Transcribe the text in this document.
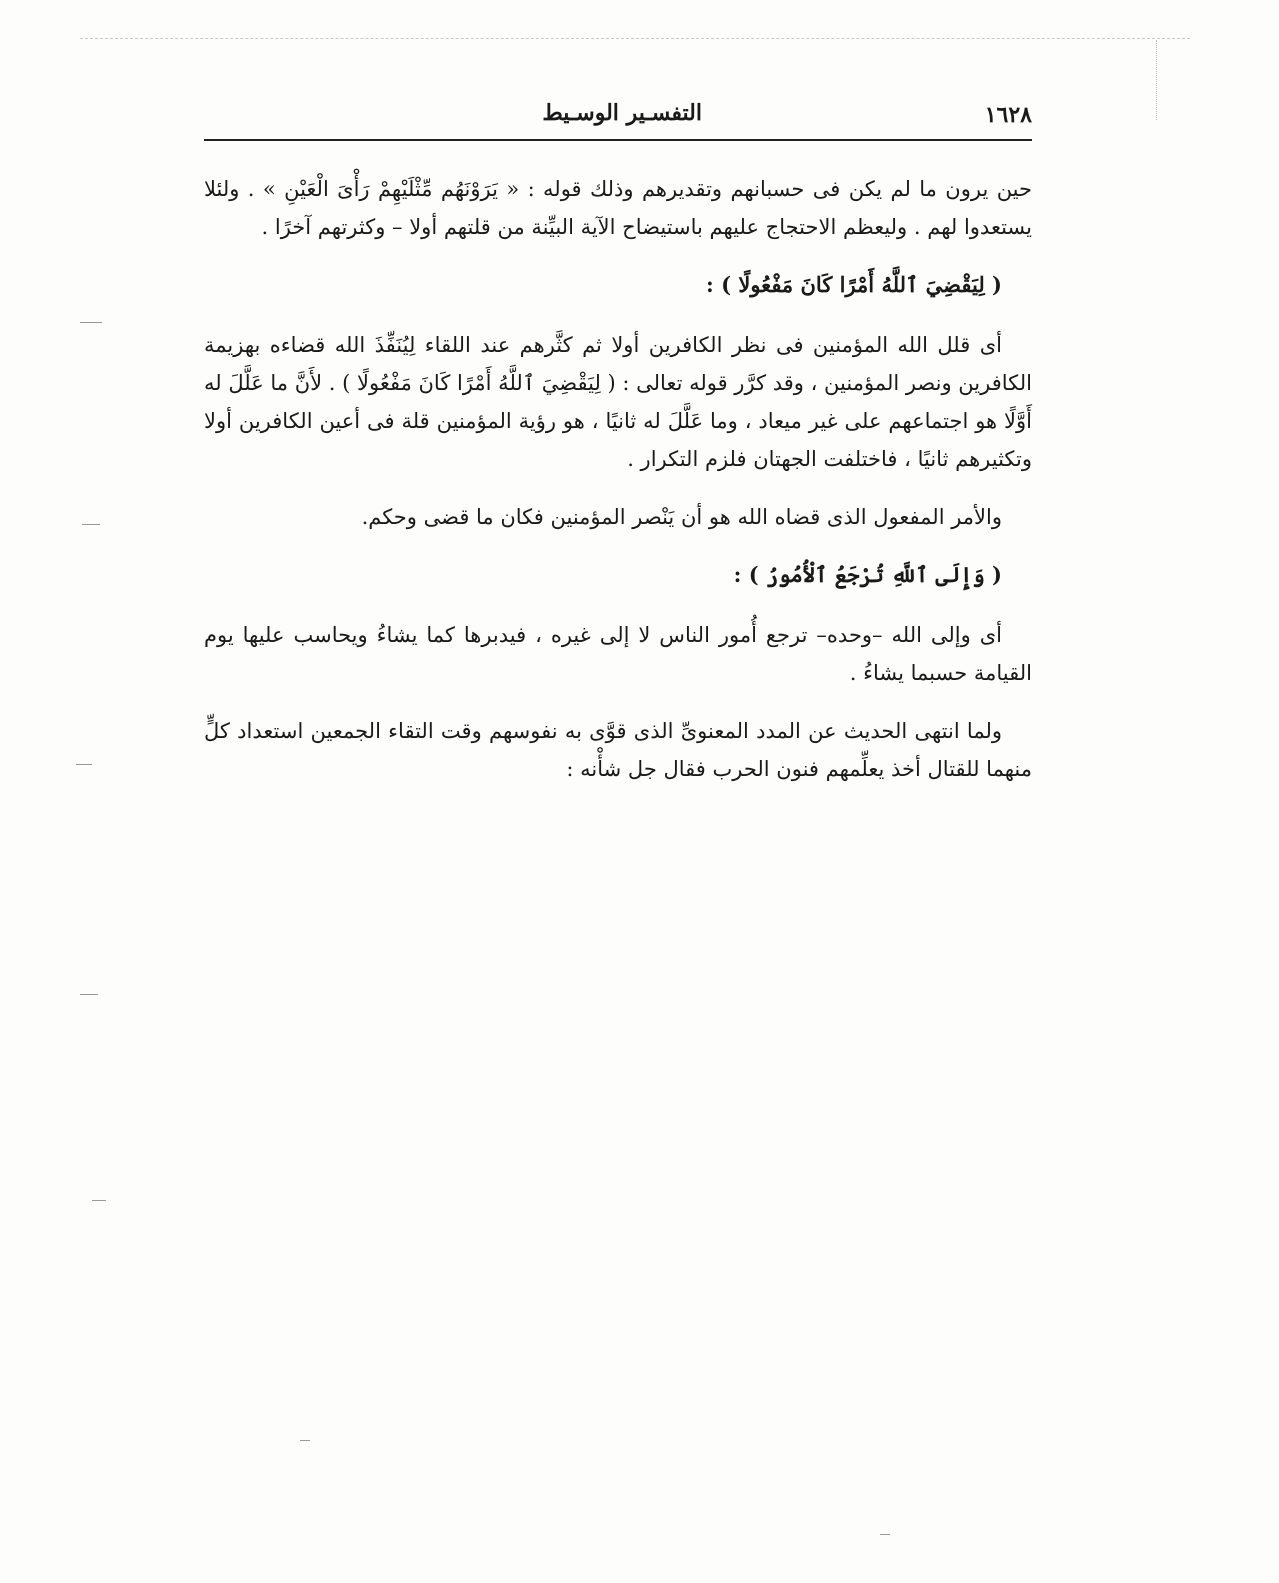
١٦٢٨
التفسـير الوسـيط

حين يرون ما لم يكن فى حسبانهم وتقديرهم وذلك قوله : « يَرَوْنَهُم مِّثْلَيْهِمْ رَأْىَ الْعَيْنِ » . ولئلا يستعدوا لهم . وليعظم الاحتجاج عليهم باستيضاح الآية البيِّنة من قلتهم أولا – وكثرتهم آخرًا .

( لِيَقْضِيَ ٱللَّهُ أَمْرًا كَانَ مَفْعُولًا ) :

أى قلل الله المؤمنين فى نظر الكافرين أولا ثم كثَّرهم عند اللقاء لِيُنَفِّذَ الله قضاءه بهزيمة الكافرين ونصر المؤمنين ، وقد كرَّر قوله تعالى : ( لِيَقْضِيَ ٱللَّهُ أَمْرًا كَانَ مَفْعُولًا ) . لأَنَّ ما عَلَّلَ له أَوَّلًا هو اجتماعهم على غير ميعاد ، وما عَلَّلَ له ثانيًا ، هو رؤية المؤمنين قلة فى أعين الكافرين أولا وتكثيرهم ثانيًا ، فاختلفت الجهتان فلزم التكرار .

والأمر المفعول الذى قضاه الله هو أن يَنْصر المؤمنين فكان ما قضى وحكم.

( وَإِلَى ٱللَّهِ تُرْجَعُ ٱلْأُمُورُ ) :

أى وإلى الله –وحده– ترجع أُمور الناس لا إلى غيره ، فيدبرها كما يشاءُ ويحاسب عليها يوم القيامة حسبما يشاءُ .

ولما انتهى الحديث عن المدد المعنوىِّ الذى قوَّى به نفوسهم وقت التقاء الجمعين استعداد كلٍّ منهما للقتال أخذ يعلِّمهم فنون الحرب فقال جل شأْنه :
